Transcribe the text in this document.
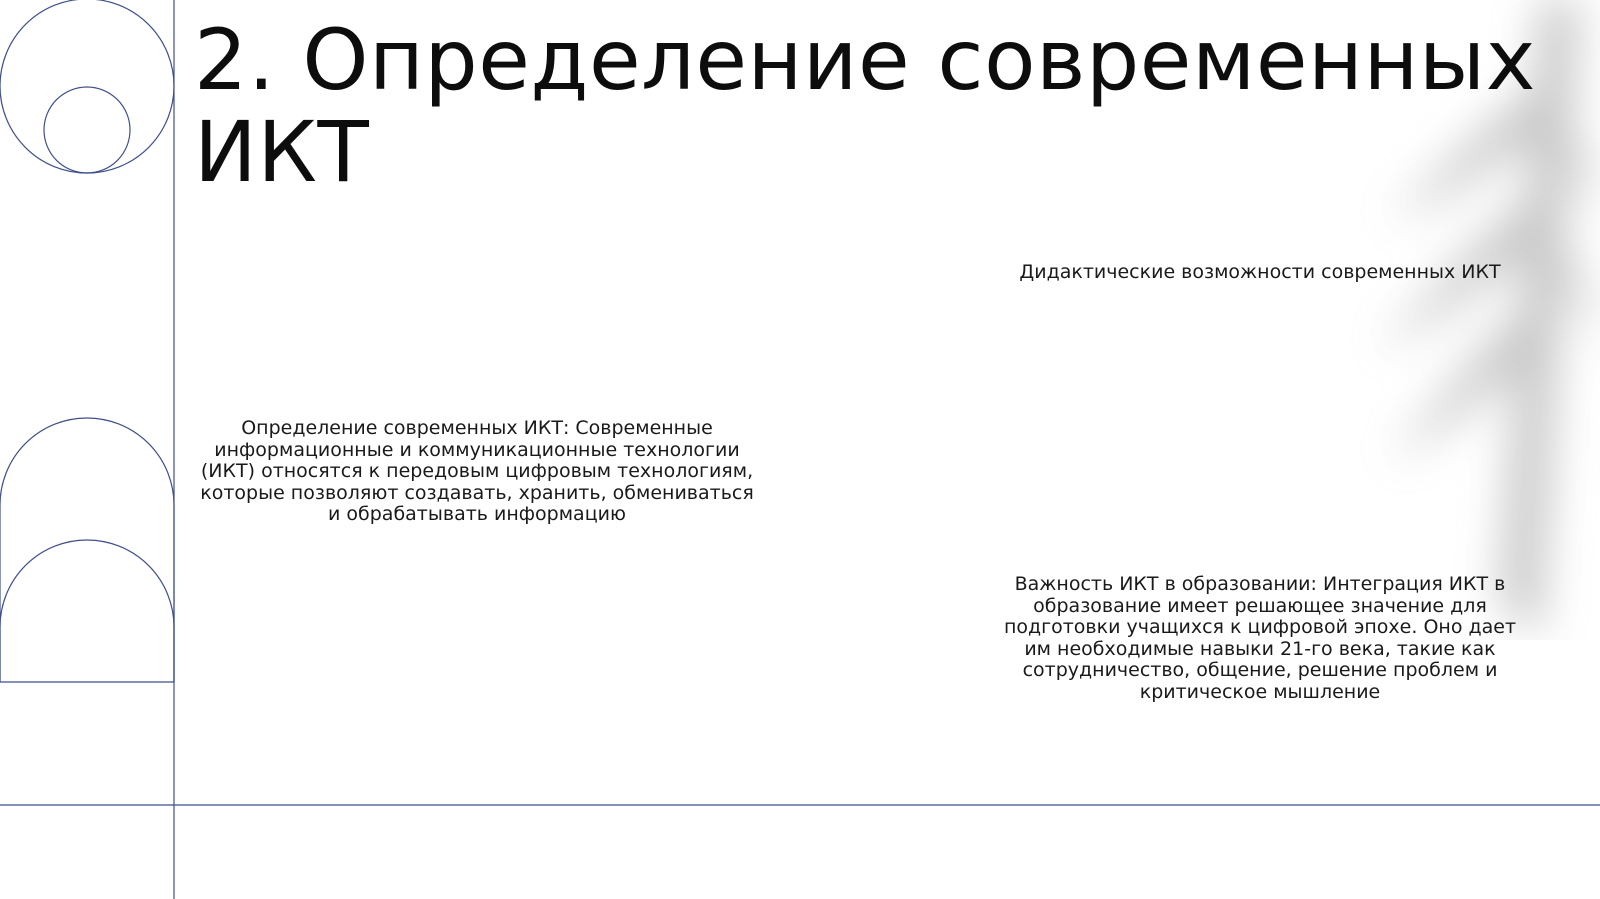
2. Определение современных ИКТ
Дидактические возможности современных ИКТ
Определение современных ИКТ: Современные информационные и коммуникационные технологии (ИКТ) относятся к передовым цифровым технологиям, которые позволяют создавать, хранить, обмениваться и обрабатывать информацию
Важность ИКТ в образовании: Интеграция ИКТ в образование имеет решающее значение для подготовки учащихся к цифровой эпохе. Оно дает им необходимые навыки 21-го века, такие как сотрудничество, общение, решение проблем и критическое мышление
